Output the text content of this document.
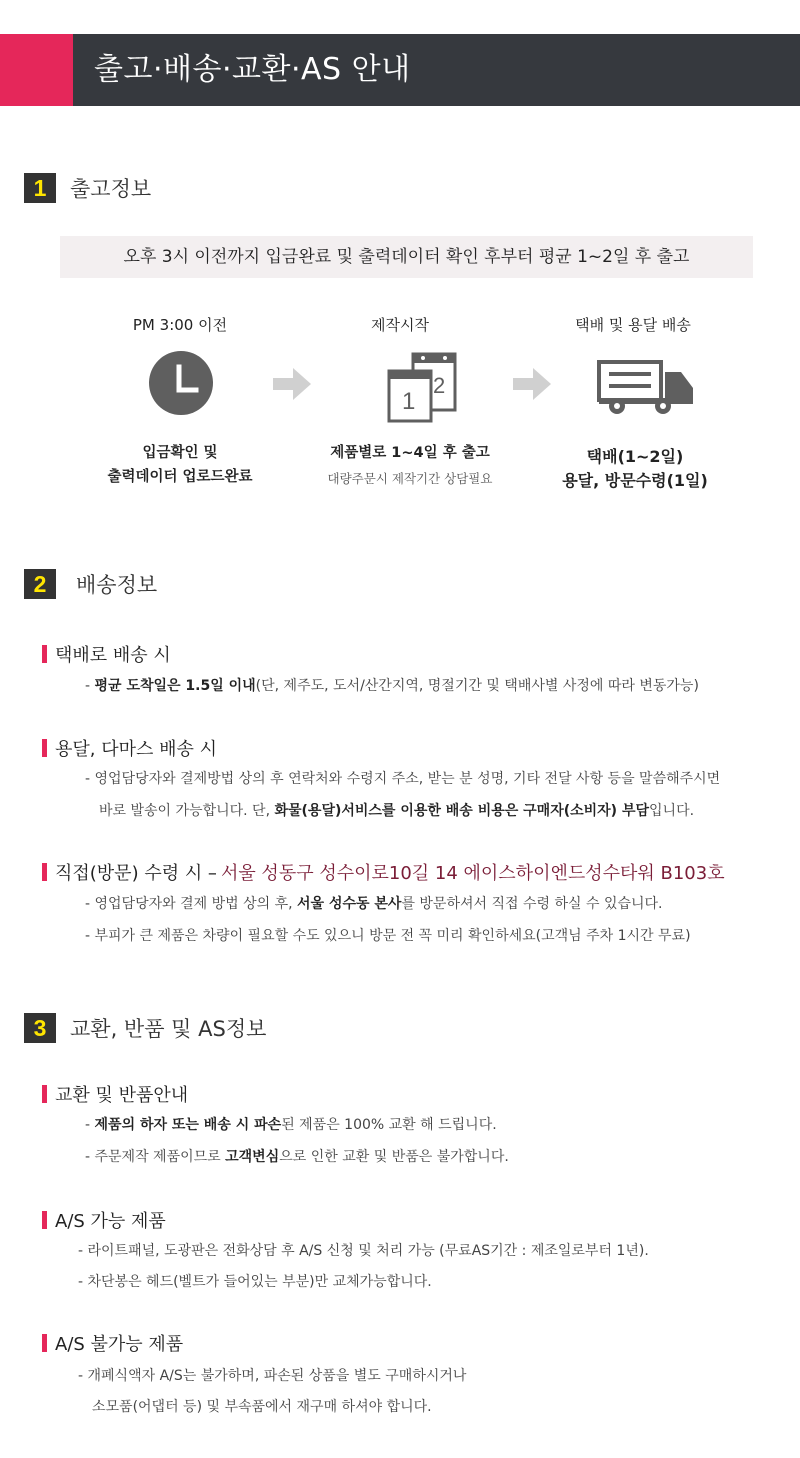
출고·배송·교환·AS 안내
1	출고정보
오후 3시 이전까지 입금완료 및 출력데이터 확인 후부터 평균 1~2일 후 출고
PM 3:00 이전	제작시작	택배 및 용달 배송
2
1
입금확인 및
출력데이터 업로드완료
제품별로 1~4일 후 출고
대량주문시 제작기간 상담필요
택배(1~2일)
용달, 방문수령(1일)
2	배송정보
택배로 배송 시
- 평균 도착일은 1.5일 이내(단, 제주도, 도서/산간지역, 명절기간 및 택배사별 사정에 따라 변동가능)
용달, 다마스 배송 시
- 영업담당자와 결제방법 상의 후 연락처와 수령지 주소, 받는 분 성명, 기타 전달 사항 등을 말씀해주시면
바로 발송이 가능합니다. 단, 화물(용달)서비스를 이용한 배송 비용은 구매자(소비자) 부담입니다.
직접(방문) 수령 시 – 서울 성동구 성수이로10길 14 에이스하이엔드성수타워 B103호
- 영업담당자와 결제 방법 상의 후, 서울 성수동 본사를 방문하셔서 직접 수령 하실 수 있습니다.
- 부피가 큰 제품은 차량이 필요할 수도 있으니 방문 전 꼭 미리 확인하세요(고객님 주차 1시간 무료)
3	교환, 반품 및 AS정보
교환 및 반품안내
- 제품의 하자 또는 배송 시 파손된 제품은 100% 교환 해 드립니다.
- 주문제작 제품이므로 고객변심으로 인한 교환 및 반품은 불가합니다.
A/S 가능 제품
- 라이트패널, 도광판은 전화상담 후 A/S 신청 및 처리 가능 (무료AS기간 : 제조일로부터 1년).
- 차단봉은 헤드(벨트가 들어있는 부분)만 교체가능합니다.
A/S 불가능 제품
- 개폐식액자 A/S는 불가하며, 파손된 상품을 별도 구매하시거나
소모품(어댑터 등) 및 부속품에서 재구매 하셔야 합니다.
